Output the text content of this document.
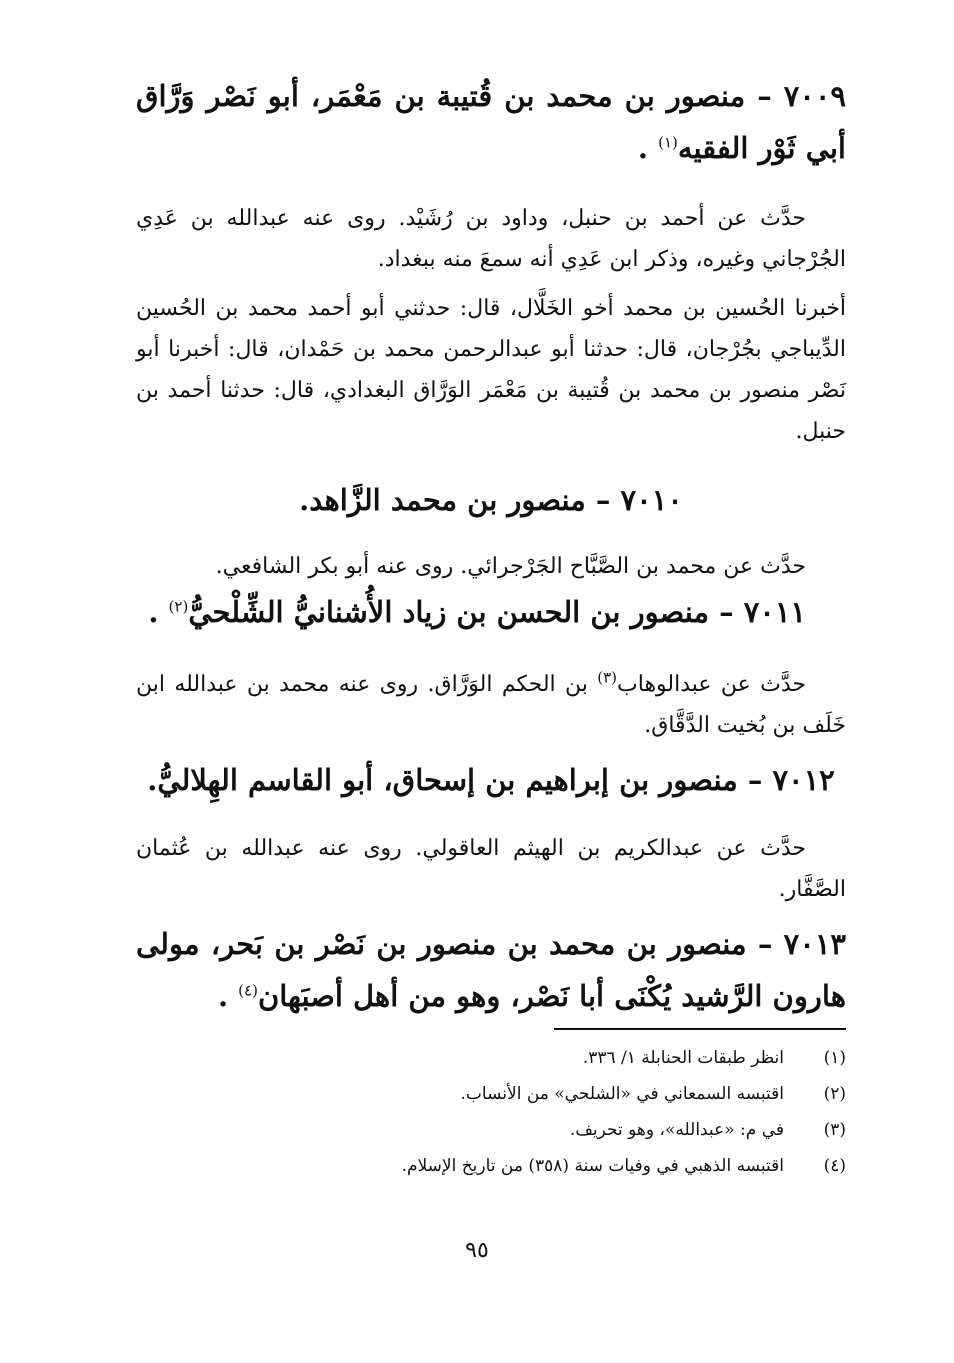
٧٠٠٩ – منصور بن محمد بن قُتيبة بن مَعْمَر، أبو نَصْر وَرَّاق أبي ثَوْر الفقيه$^{(١)}$ .
حدَّث عن أحمد بن حنبل، وداود بن رُشَيْد. روى عنه عبدالله بن عَدِي الجُرْجاني وغيره، وذكر ابن عَدِي أنه سمعَ منه ببغداد.
أخبرنا الحُسين بن محمد أخو الخَلَّال، قال: حدثني أبو أحمد محمد بن الحُسين الدِّيباجي بجُرْجان، قال: حدثنا أبو عبدالرحمن محمد بن حَمْدان، قال: أخبرنا أبو نَصْر منصور بن محمد بن قُتيبة بن مَعْمَر الوَرَّاق البغدادي، قال: حدثنا أحمد بن حنبل.
٧٠١٠ – منصور بن محمد الزَّاهد.
حدَّث عن محمد بن الصَّبَّاح الجَرْجرائي. روى عنه أبو بكر الشافعي.
٧٠١١ – منصور بن الحسن بن زياد الأُشنانيُّ الشِّلْحيُّ$^{(٢)}$ .
حدَّث عن عبدالوهاب$^{(٣)}$ بن الحكم الوَرَّاق. روى عنه محمد بن عبدالله ابن خَلَف بن بُخيت الدَّقَّاق.
٧٠١٢ – منصور بن إبراهيم بن إسحاق، أبو القاسم الهِلاليُّ.
حدَّث عن عبدالكريم بن الهيثم العاقولي. روى عنه عبدالله بن عُثمان الصَّفَّار.
٧٠١٣ – منصور بن محمد بن منصور بن نَصْر بن بَحر، مولى هارون الرَّشيد يُكْنَى أبا نَصْر، وهو من أهل أصبَهان$^{(٤)}$ .
(١)
انظر طبقات الحنابلة ١/ ٣٣٦.
(٢)
اقتبسه السمعاني في «الشلحي» من الأنساب.
(٣)
في م: «عبدالله»، وهو تحريف.
(٤)
اقتبسه الذهبي في وفيات سنة (٣٥٨) من تاريخ الإسلام.
٩٥
